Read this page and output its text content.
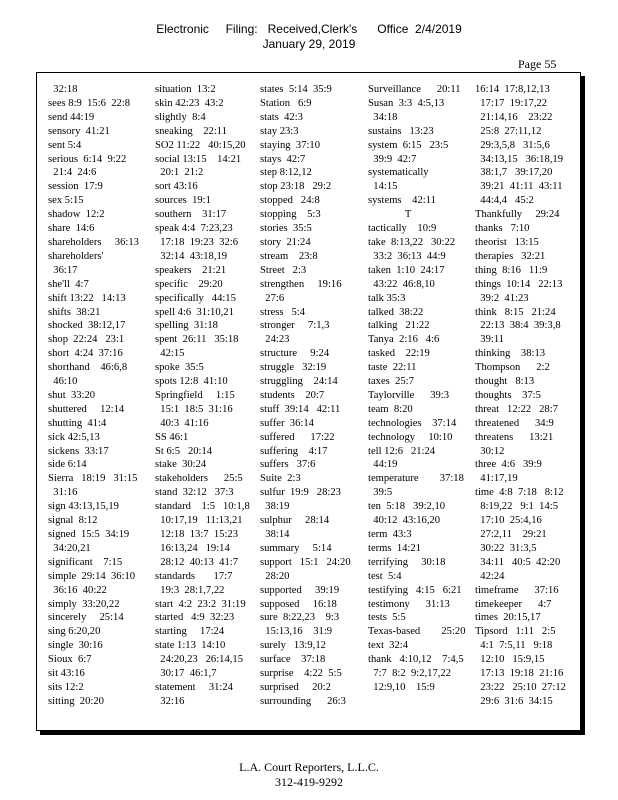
Electronic     Filing:   Received,Clerk's      Office  2/4/2019
January 29, 2019
Page 55
32:18
sees 8:9  15:6  22:8
send 44:19
sensory  41:21
sent 5:4
serious  6:14  9:22
21:4  24:6
session  17:9
sex 5:15
shadow  12:2
share  14:6
shareholders     36:13
shareholders'
36:17
she'll  4:7
shift 13:22   14:13
shifts  38:21
shocked  38:12,17
shop  22:24   23:1
short  4:24  37:16
shorthand    46:6,8
46:10
shut  33:20
shuttered     12:14
shutting  41:4
sick 42:5,13
sickens  33:17
side 6:14
Sierra   18:19   31:15
31:16
sign 43:13,15,19
signal  8:12
signed  15:5  34:19
34:20,21
significant    7:15
simple  29:14  36:10
36:16  40:22
simply  33:20,22
sincerely     25:14
sing 6:20,20
single  30:16
Sioux  6:7
sit 43:16
sits 12:2
sitting  20:20
situation  13:2
skin 42:23  43:2
slightly  8:4
sneaking    22:11
SO2 11:22   40:15,20
social 13:15    14:21
20:1  21:2
sort 43:16
sources  19:1
southern    31:17
speak 4:4  7:23,23
17:18  19:23  32:6
32:14  43:18,19
speakers    21:21
specific    29:20
specifically   44:15
spell 4:6  31:10,21
spelling  31:18
spent  26:11   35:18
42:15
spoke  35:5
spots 12:8  41:10
Springfield     1:15
15:1  18:5  31:16
40:3  41:16
SS 46:1
St 6:5   20:14
stake  30:24
stakeholders      25:5
stand  32:12   37:3
standard    1:5   10:1,8
10:17,19   11:13,21
12:18  13:7  15:23
16:13,24   19:14
28:12  40:13  41:7
standards       17:7
19:3  28:1,7,22
start  4:2  23:2  31:19
started   4:9  32:23
starting     17:24
state 1:13  14:10
24:20,23   26:14,15
30:17  46:1,7
statement     31:24
32:16
states  5:14  35:9
Station   6:9
stats  42:3
stay 23:3
staying  37:10
stays  42:7
step 8:12,12
stop 23:18   29:2
stopped   24:8
stopping    5:3
stories  35:5
story  21:24
stream    23:8
Street   2:3
strengthen     19:16
27:6
stress   5:4
stronger     7:1,3
24:23
structure     9:24
struggle   32:19
struggling    24:14
students    20:7
stuff  39:14   42:11
suffer  36:14
suffered      17:22
suffering    4:17
suffers   37:6
Suite  2:3
sulfur  19:9   28:23
38:19
sulphur     28:14
38:14
summary     5:14
support   15:1   24:20
28:20
supported     39:19
supposed     16:18
sure  8:22,23    9:3
15:13,16    31:9
surely   13:9,12
surface    37:18
surprise    4:22  5:5
surprised     20:2
surrounding      26:3
Surveillance      20:11
Susan  3:3  4:5,13
34:18
sustains   13:23
system  6:15   23:5
39:9  42:7
systematically
14:15
systems    42:11
T
tactically    10:9
take  8:13,22   30:22
33:2  36:13  44:9
taken  1:10  24:17
43:22  46:8,10
talk 35:3
talked  38:22
talking   21:22
Tanya  2:16   4:6
tasked    22:19
taste  22:11
taxes  25:7
Taylorville      39:3
team  8:20
technologies    37:14
technology     10:10
tell 12:6   21:24
44:19
temperature        37:18
39:5
ten  5:18   39:2,10
40:12  43:16,20
term  43:3
terms  14:21
terrifying     30:18
test  5:4
testifying   4:15   6:21
testimony      31:13
tests  5:5
Texas-based        25:20
text  32:4
thank   4:10,12    7:4,5
7:7  8:2  9:2,17,22
12:9,10    15:9
16:14  17:8,12,13
17:17  19:17,22
21:14,16    23:22
25:8  27:11,12
29:3,5,8   31:5,6
34:13,15   36:18,19
38:1,7   39:17,20
39:21  41:11  43:11
44:4,4   45:2
Thankfully     29:24
thanks   7:10
theorist   13:15
therapies   32:21
thing  8:16   11:9
things  10:14   22:13
39:2  41:23
think   8:15   21:24
22:13  38:4  39:3,8
39:11
thinking    38:13
Thompson      2:2
thought   8:13
thoughts    37:5
threat   12:22   28:7
threatened      34:9
threatens      13:21
30:12
three  4:6   39:9
41:17,19
time  4:8  7:18   8:12
8:19,22   9:1  14:5
17:10  25:4,16
27:2,11    29:21
30:22  31:3,5
34:11   40:5  42:20
42:24
timeframe      37:16
timekeeper      4:7
times  20:15,17
Tipsord   1:11   2:5
4:1  7:5,11   9:18
12:10   15:9,15
17:13  19:18  21:16
23:22   25:10  27:12
29:6  31:6  34:15
L.A. Court Reporters, L.L.C.
312-419-9292
